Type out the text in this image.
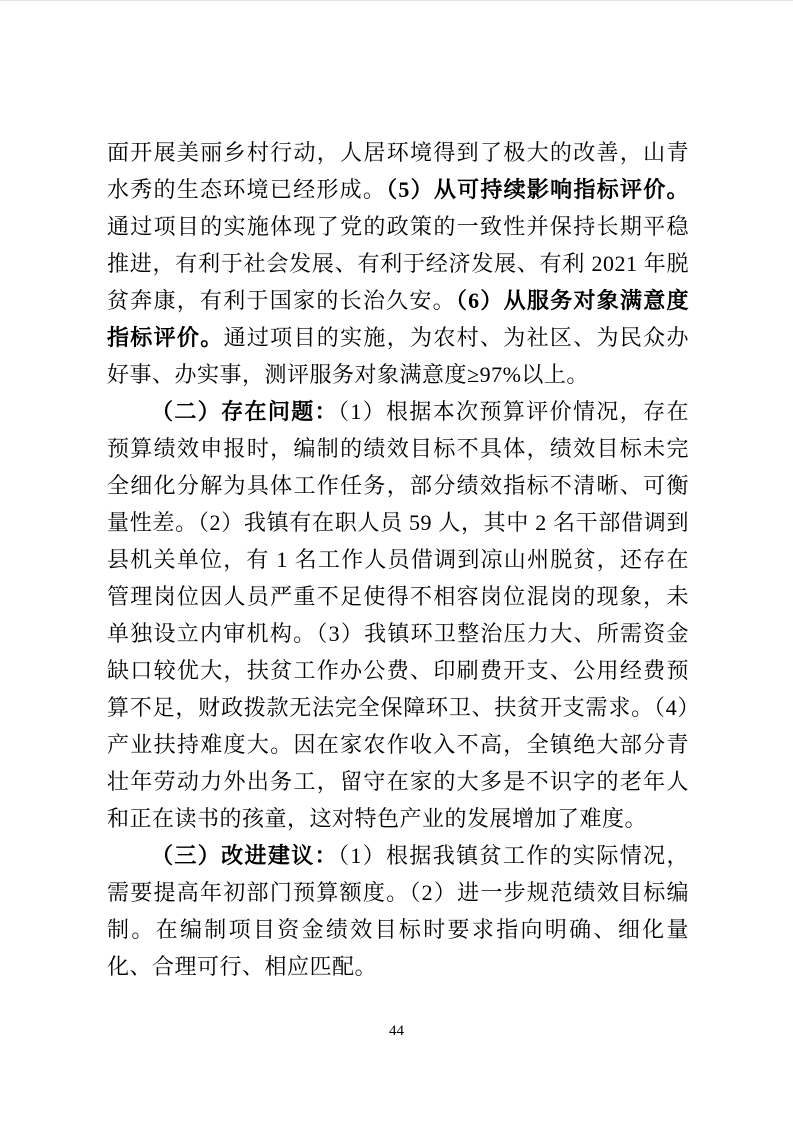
面开展美丽乡村行动，人居环境得到了极大的改善，山青水秀的生态环境已经形成。（5）从可持续影响指标评价。通过项目的实施体现了党的政策的一致性并保持长期平稳推进，有利于社会发展、有利于经济发展、有利 2021 年脱贫奔康，有利于国家的长治久安。（6）从服务对象满意度指标评价。通过项目的实施，为农村、为社区、为民众办好事、办实事，测评服务对象满意度≥97%以上。

（二）存在问题：（1）根据本次预算评价情况，存在预算绩效申报时，编制的绩效目标不具体，绩效目标未完全细化分解为具体工作任务，部分绩效指标不清晰、可衡量性差。（2）我镇有在职人员 59 人，其中 2 名干部借调到县机关单位，有 1 名工作人员借调到凉山州脱贫，还存在管理岗位因人员严重不足使得不相容岗位混岗的现象，未单独设立内审机构。（3）我镇环卫整治压力大、所需资金缺口较优大，扶贫工作办公费、印刷费开支、公用经费预算不足，财政拨款无法完全保障环卫、扶贫开支需求。（4）产业扶持难度大。因在家农作收入不高，全镇绝大部分青壮年劳动力外出务工，留守在家的大多是不识字的老年人和正在读书的孩童，这对特色产业的发展增加了难度。

（三）改进建议：（1）根据我镇贫工作的实际情况，需要提高年初部门预算额度。（2）进一步规范绩效目标编制。在编制项目资金绩效目标时要求指向明确、细化量化、合理可行、相应匹配。

44
